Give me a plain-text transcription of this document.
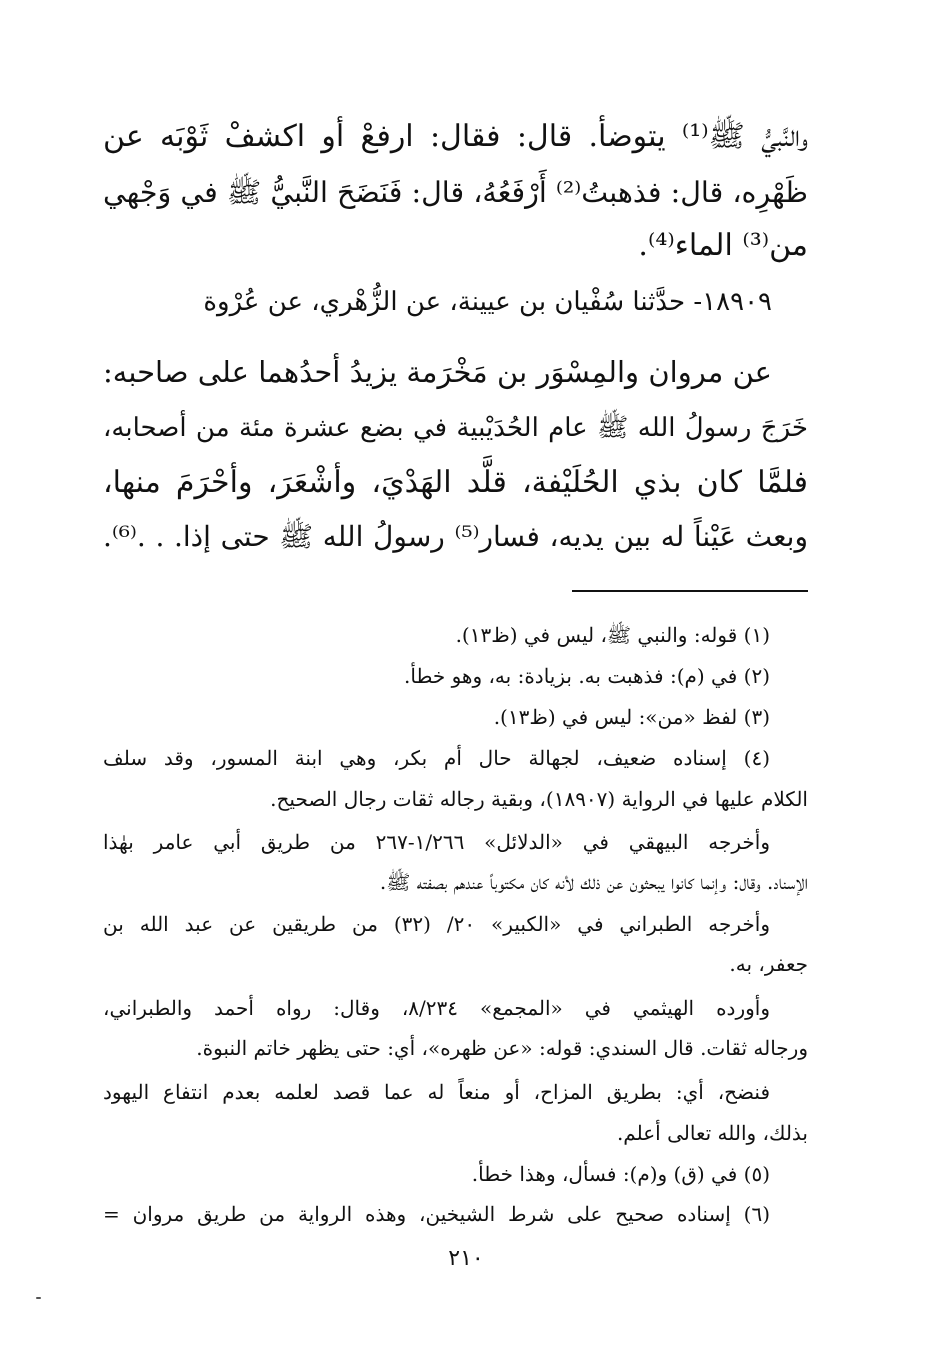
والنَّبيُّ ﷺ⁽¹⁾ يتوضأ. قال: فقال: ارفعْ أو اكشفْ ثَوْبَه عن
ظَهْرِه، قال: فذهبتُ⁽²⁾ أَرْفَعُهُ، قال: فَنَضَحَ النَّبيُّ ﷺ في وَجْهي
من⁽³⁾ الماء⁽⁴⁾.
١٨٩٠٩- حدَّثنا سُفْيان بن عيينة، عن الزُّهْري، عن عُرْوة
عن مروان والمِسْوَر بن مَخْرَمة يزيدُ أحدُهما على صاحبه:
خَرَجَ رسولُ الله ﷺ عام الحُدَيْبية في بضع عشرة مئة من أصحابه،
فلمَّا كان بذي الحُلَيْفة، قلَّد الهَدْيَ، وأشْعَرَ، وأحْرَمَ منها،
وبعث عَيْناً له بين يديه، فسار⁽⁵⁾ رسولُ الله ﷺ حتى إذا. . .⁽⁶⁾.
(١) قوله: والنبي ﷺ، ليس في (ظ١٣).
(٢) في (م): فذهبت به. بزيادة: به، وهو خطأ.
(٣) لفظ «من»: ليس في (ظ١٣).
(٤) إسناده ضعيف، لجهالة حال أم بكر، وهي ابنة المسور، وقد سلف
الكلام عليها في الرواية (١٨٩٠٧)، وبقية رجاله ثقات رجال الصحيح.
وأخرجه البيهقي في «الدلائل» ١/٢٦٦-٢٦٧ من طريق أبي عامر بهٰذا
الإسناد. وقال: وإنما كانوا يبحثون عن ذلك لأنه كان مكتوباً عندهم بصفته ﷺ.
وأخرجه الطبراني في «الكبير» ٢٠/ (٣٢) من طريقين عن عبد الله بن
جعفر، به.
وأورده الهيثمي في «المجمع» ٨/٢٣٤، وقال: رواه أحمد والطبراني،
ورجاله ثقات. قال السندي: قوله: «عن ظهره»، أي: حتى يظهر خاتم النبوة.
فنضح، أي: بطريق المزاح، أو منعاً له عما قصد لعلمه بعدم انتفاع اليهود
بذلك، والله تعالى أعلم.
(٥) في (ق) و(م): فسأل، وهذا خطأ.
(٦) إسناده صحيح على شرط الشيخين، وهذه الرواية من طريق مروان =
٢١٠
